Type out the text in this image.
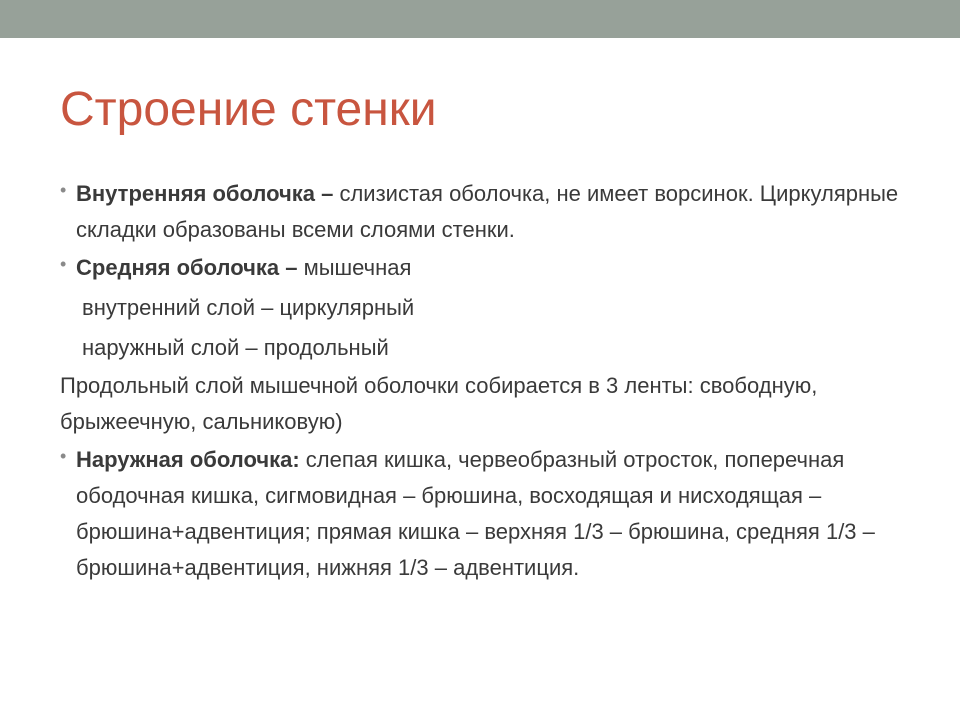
Строение стенки
• Внутренняя оболочка – слизистая оболочка, не имеет ворсинок. Циркулярные складки образованы всеми слоями стенки.
• Средняя оболочка – мышечная
внутренний слой – циркулярный
наружный слой – продольный
Продольный слой мышечной оболочки собирается в 3 ленты: свободную, брыжеечную, сальниковую)
• Наружная оболочка: слепая кишка, червеобразный отросток, поперечная ободочная кишка, сигмовидная – брюшина, восходящая и нисходящая – брюшина+адвентиция; прямая кишка – верхняя 1/3 – брюшина, средняя 1/3 – брюшина+адвентиция, нижняя 1/3 – адвентиция.
